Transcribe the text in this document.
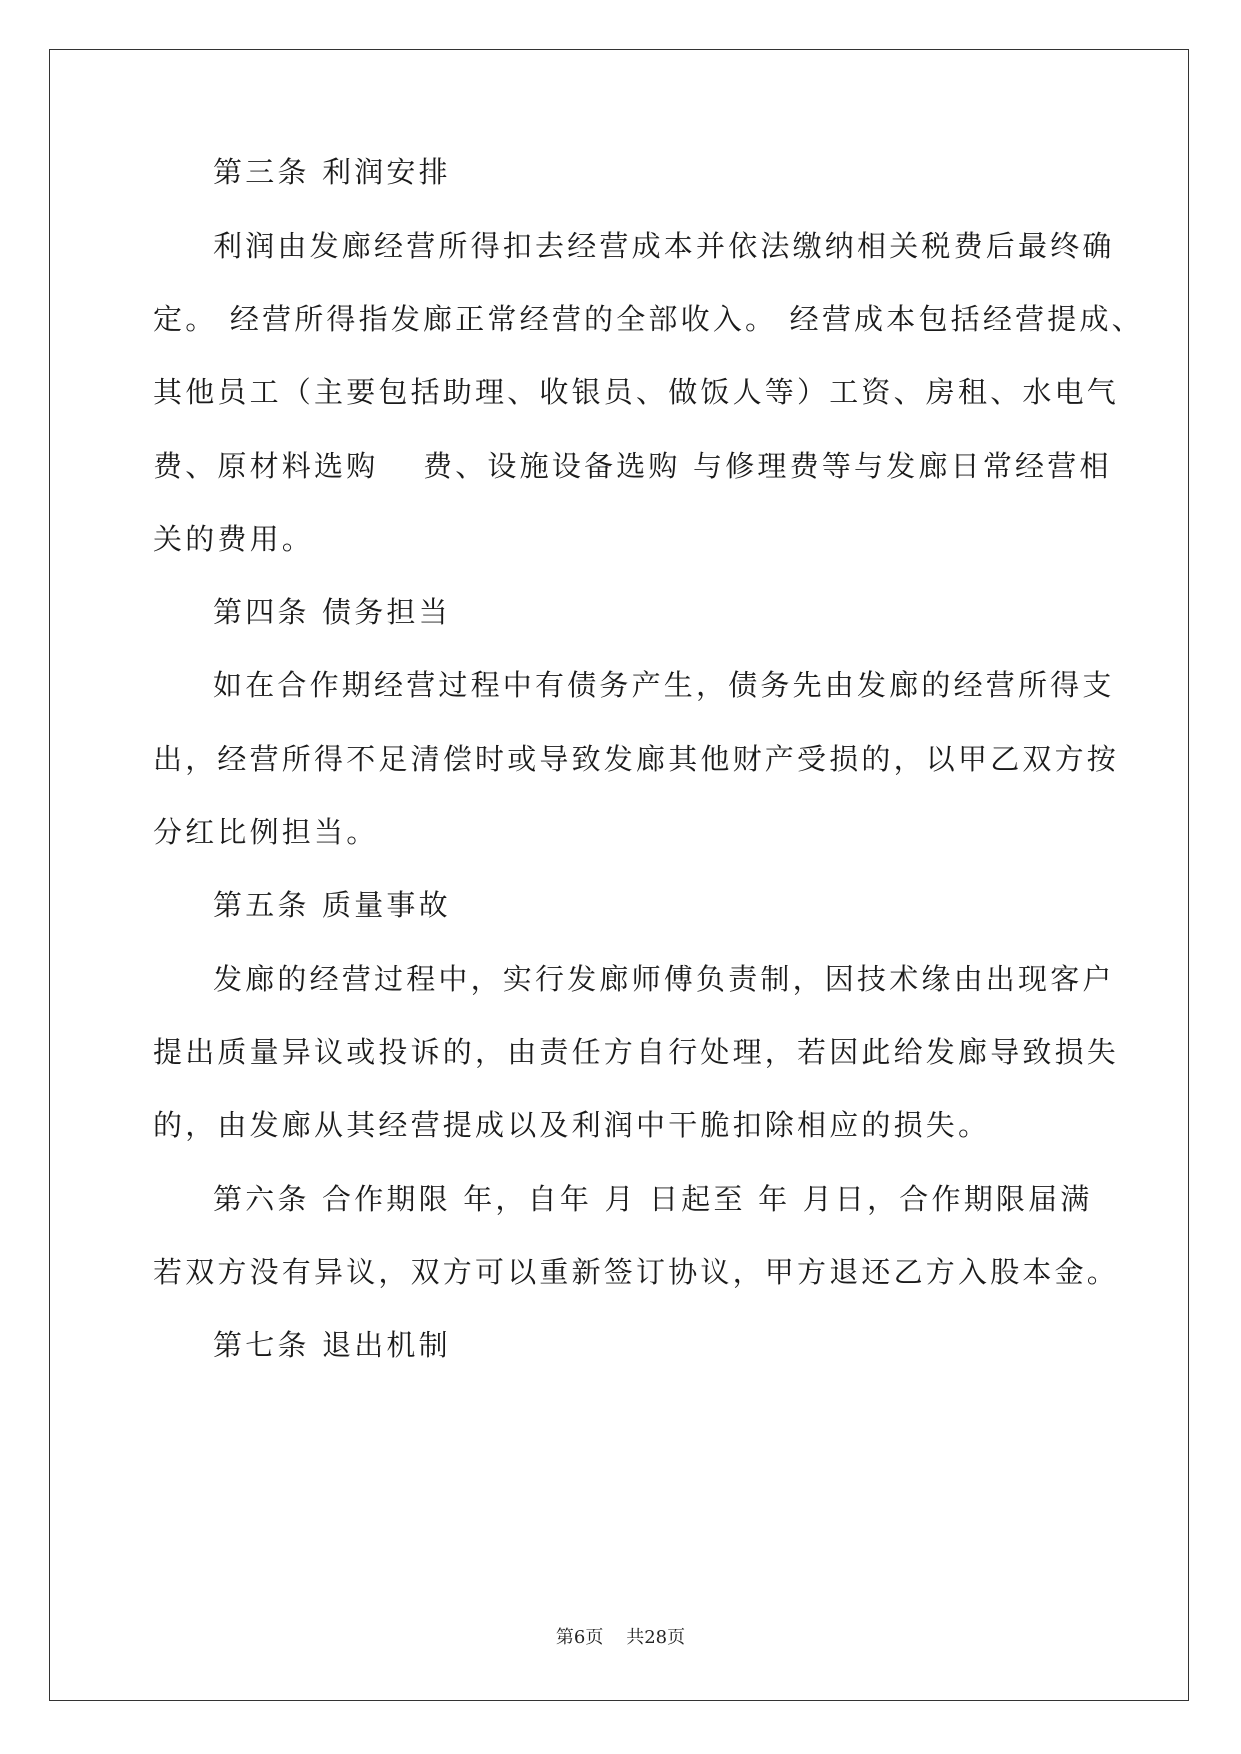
第三条 利润安排
利润由发廊经营所得扣去经营成本并依法缴纳相关税费后最终确
定。 经营所得指发廊正常经营的全部收入。 经营成本包括经营提成、
其他员工（主要包括助理、收银员、做饭人等）工资、房租、水电气
费、原材料选购　 费、设施设备选购 与修理费等与发廊日常经营相
关的费用。
第四条 债务担当
如在合作期经营过程中有债务产生，债务先由发廊的经营所得支
出，经营所得不足清偿时或导致发廊其他财产受损的，以甲乙双方按
分红比例担当。
第五条 质量事故
发廊的经营过程中，实行发廊师傅负责制，因技术缘由出现客户
提出质量异议或投诉的，由责任方自行处理，若因此给发廊导致损失
的，由发廊从其经营提成以及利润中干脆扣除相应的损失。
第六条 合作期限 年，自年 月 日起至 年 月日，合作期限届满
若双方没有异议，双方可以重新签订协议，甲方退还乙方入股本金。
第七条 退出机制
第6页 共28页
